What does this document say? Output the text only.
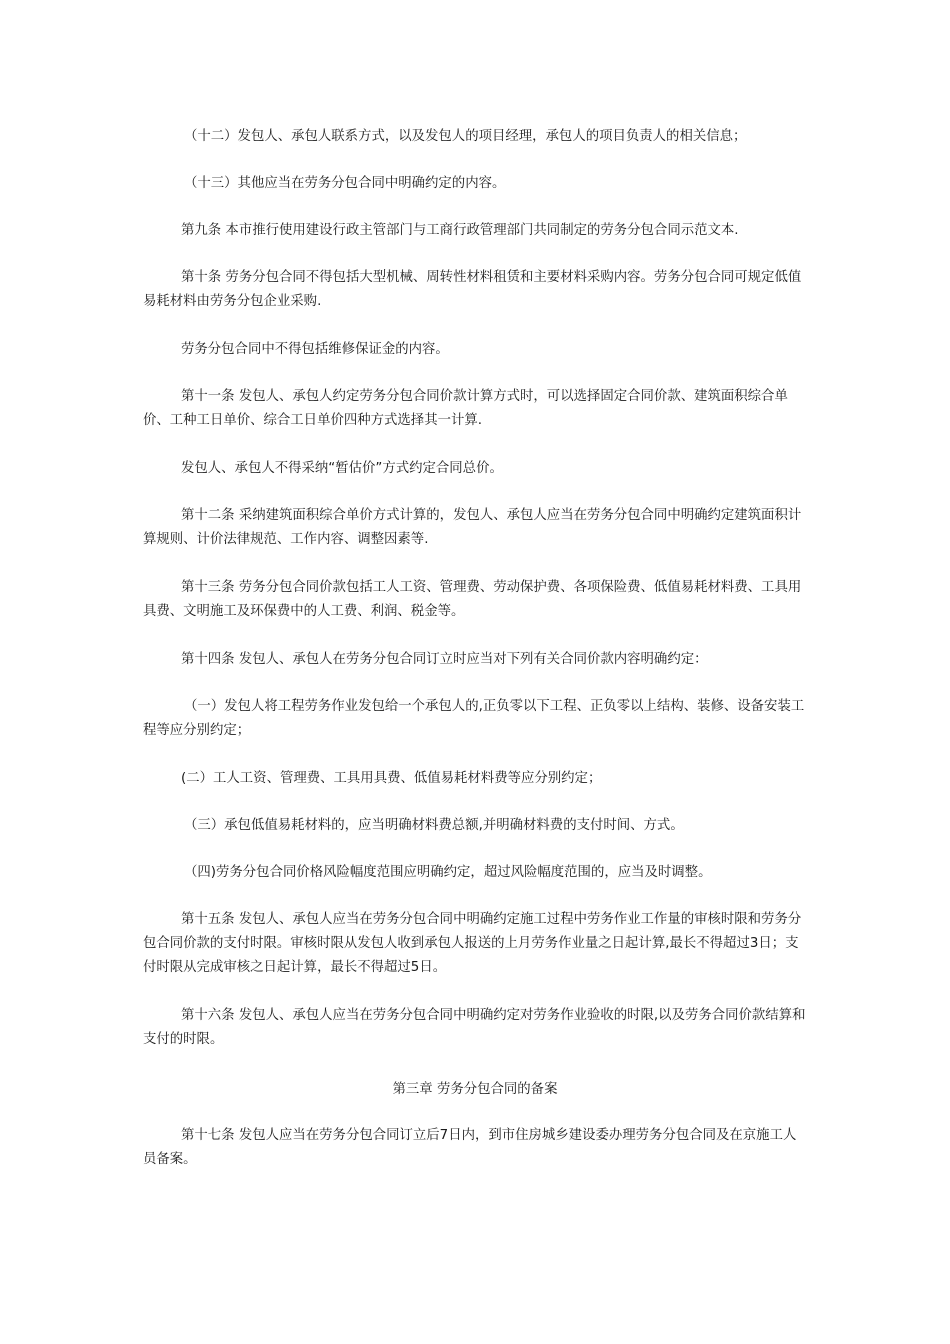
（十二）发包人、承包人联系方式，以及发包人的项目经理，承包人的项目负责人的相关信息；

（十三）其他应当在劳务分包合同中明确约定的内容。

第九条 本市推行使用建设行政主管部门与工商行政管理部门共同制定的劳务分包合同示范文本.

第十条 劳务分包合同不得包括大型机械、周转性材料租赁和主要材料采购内容。劳务分包合同可规定低值易耗材料由劳务分包企业采购.

劳务分包合同中不得包括维修保证金的内容。

第十一条 发包人、承包人约定劳务分包合同价款计算方式时，可以选择固定合同价款、建筑面积综合单价、工种工日单价、综合工日单价四种方式选择其一计算.

发包人、承包人不得采纳“暂估价”方式约定合同总价。

第十二条 采纳建筑面积综合单价方式计算的，发包人、承包人应当在劳务分包合同中明确约定建筑面积计算规则、计价法律规范、工作内容、调整因素等.

第十三条 劳务分包合同价款包括工人工资、管理费、劳动保护费、各项保险费、低值易耗材料费、工具用具费、文明施工及环保费中的人工费、利润、税金等。

第十四条 发包人、承包人在劳务分包合同订立时应当对下列有关合同价款内容明确约定：

（一）发包人将工程劳务作业发包给一个承包人的,正负零以下工程、正负零以上结构、装修、设备安装工程等应分别约定；

(二）工人工资、管理费、工具用具费、低值易耗材料费等应分别约定；

（三）承包低值易耗材料的，应当明确材料费总额,并明确材料费的支付时间、方式。

（四)劳务分包合同价格风险幅度范围应明确约定，超过风险幅度范围的，应当及时调整。

第十五条 发包人、承包人应当在劳务分包合同中明确约定施工过程中劳务作业工作量的审核时限和劳务分包合同价款的支付时限。审核时限从发包人收到承包人报送的上月劳务作业量之日起计算,最长不得超过3日；支付时限从完成审核之日起计算，最长不得超过5日。

第十六条 发包人、承包人应当在劳务分包合同中明确约定对劳务作业验收的时限,以及劳务合同价款结算和支付的时限。

第三章 劳务分包合同的备案

第十七条 发包人应当在劳务分包合同订立后7日内，到市住房城乡建设委办理劳务分包合同及在京施工人员备案。
